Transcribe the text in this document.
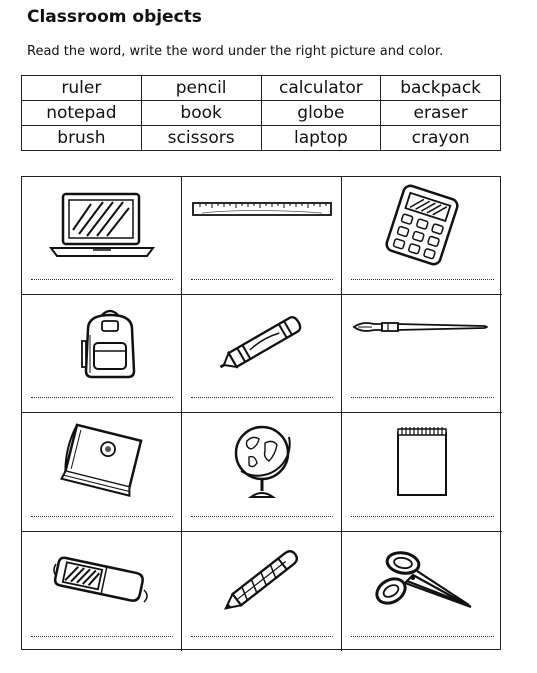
Classroom objects
Read the word, write the word under the right picture and color.
ruler	pencil	calculator	backpack
notepad	book	globe	eraser
brush	scissors	laptop	crayon
